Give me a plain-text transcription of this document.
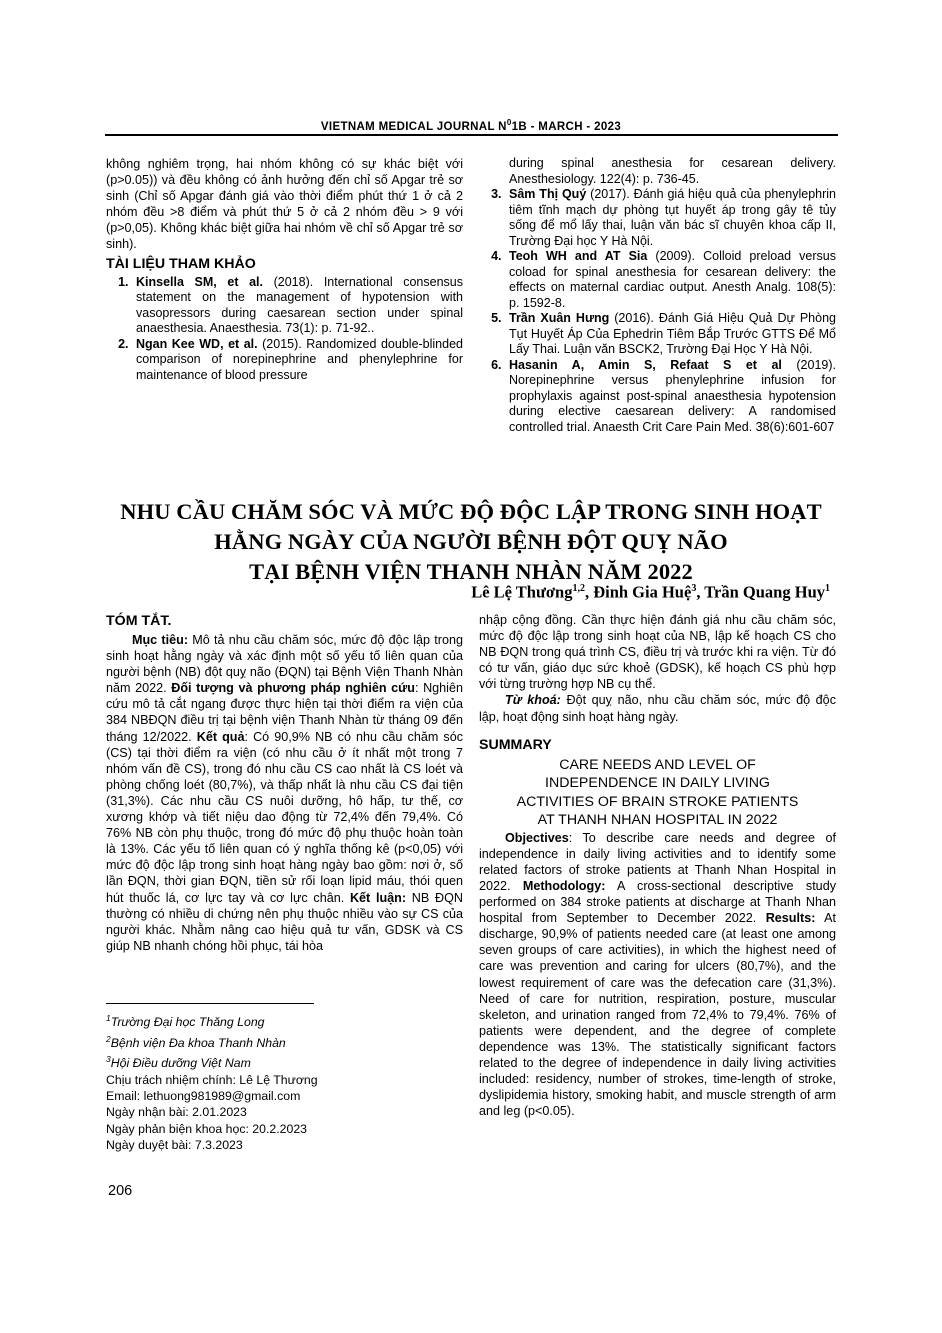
VIETNAM MEDICAL JOURNAL $N^01B$ - MARCH - 2023
không nghiêm trọng, hai nhóm không có sự khác biệt với (p>0.05)) và đều không có ảnh hưởng đến chỉ số Apgar trẻ sơ sinh (Chỉ số Apgar đánh giá vào thời điểm phút thứ 1 ở cả 2 nhóm đều >8 điểm và phút thứ 5 ở cả 2 nhóm đều > 9 với (p>0,05). Không khác biệt giữa hai nhóm về chỉ số Apgar trẻ sơ sinh).
TÀI LIỆU THAM KHẢO
1. Kinsella SM, et al. (2018). International consensus statement on the management of hypotension with vasopressors during caesarean section under spinal anaesthesia. Anaesthesia. 73(1): p. 71-92..
2. Ngan Kee WD, et al. (2015). Randomized double-blinded comparison of norepinephrine and phenylephrine for maintenance of blood pressure
during spinal anesthesia for cesarean delivery. Anesthesiology. 122(4): p. 736-45.
3. Sâm Thị Quý (2017). Đánh giá hiệu quả của phenylephrin tiêm tĩnh mạch dự phòng tụt huyết áp trong gây tê tủy sống để mổ lấy thai, luận văn bác sĩ chuyên khoa cấp II, Trường Đại học Y Hà Nội.
4. Teoh WH and AT Sia (2009). Colloid preload versus coload for spinal anesthesia for cesarean delivery: the effects on maternal cardiac output. Anesth Analg. 108(5): p. 1592-8.
5. Trần Xuân Hưng (2016). Đánh Giá Hiệu Quả Dự Phòng Tụt Huyết Áp Của Ephedrin Tiêm Bắp Trước GTTS Để Mổ Lấy Thai. Luận văn BSCK2, Trường Đại Học Y Hà Nội.
6. Hasanin A, Amin S, Refaat S et al (2019). Norepinephrine versus phenylephrine infusion for prophylaxis against post-spinal anaesthesia hypotension during elective caesarean delivery: A randomised controlled trial. Anaesth Crit Care Pain Med. 38(6):601-607
NHU CẦU CHĂM SÓC VÀ MỨC ĐỘ ĐỘC LẬP TRONG SINH HOẠT
HẰNG NGÀY CỦA NGƯỜI BỆNH ĐỘT QUỴ NÃO
TẠI BỆNH VIỆN THANH NHÀN NĂM 2022
Lê Lệ Thương$^{1,2}$, Đinh Gia Huệ$^3$, Trần Quang Huy$^1$
TÓM TẮT.
Mục tiêu: Mô tả nhu cầu chăm sóc, mức độ độc lập trong sinh hoạt hằng ngày và xác định một số yếu tố liên quan của người bệnh (NB) đột quỵ não (ĐQN) tại Bệnh Viện Thanh Nhàn năm 2022. Đối tượng và phương pháp nghiên cứu: Nghiên cứu mô tả cắt ngang được thực hiện tại thời điểm ra viện của 384 NBĐQN điều trị tại bệnh viện Thanh Nhàn từ tháng 09 đến tháng 12/2022. Kết quả: Có 90,9% NB có nhu cầu chăm sóc (CS) tại thời điểm ra viện (có nhu cầu ở ít nhất một trong 7 nhóm vấn đề CS), trong đó nhu cầu CS cao nhất là CS loét và phòng chống loét (80,7%), và thấp nhất là nhu cầu CS đại tiện (31,3%). Các nhu cầu CS nuôi dưỡng, hô hấp, tư thế, cơ xương khớp và tiết niệu dao động từ 72,4% đến 79,4%. Có 76% NB còn phụ thuộc, trong đó mức độ phụ thuộc hoàn toàn là 13%. Các yếu tố liên quan có ý nghĩa thống kê (p<0,05) với mức độ độc lập trong sinh hoạt hàng ngày bao gồm: nơi ở, số lần ĐQN, thời gian ĐQN, tiền sử rối loạn lipid máu, thói quen hút thuốc lá, cơ lực tay và cơ lực chân. Kết luận: NB ĐQN thường có nhiều di chứng nên phụ thuộc nhiều vào sự CS của người khác. Nhằm nâng cao hiệu quả tư vấn, GDSK và CS giúp NB nhanh chóng hồi phục, tái hòa
nhập cộng đồng. Cần thực hiện đánh giá nhu cầu chăm sóc, mức độ độc lập trong sinh hoạt của NB, lập kế hoạch CS cho NB ĐQN trong quá trình CS, điều trị và trước khi ra viện. Từ đó có tư vấn, giáo dục sức khoẻ (GDSK), kế hoạch CS phù hợp với từng trường hợp NB cụ thể.
Từ khoá: Đột quỵ não, nhu cầu chăm sóc, mức độ độc lập, hoạt động sinh hoạt hàng ngày.
SUMMARY
CARE NEEDS AND LEVEL OF
INDEPENDENCE IN DAILY LIVING
ACTIVITIES OF BRAIN STROKE PATIENTS
AT THANH NHAN HOSPITAL IN 2022
Objectives: To describe care needs and degree of independence in daily living activities and to identify some related factors of stroke patients at Thanh Nhan Hospital in 2022. Methodology: A cross-sectional descriptive study performed on 384 stroke patients at discharge at Thanh Nhan hospital from September to December 2022. Results: At discharge, 90,9% of patients needed care (at least one among seven groups of care activities), in which the highest need of care was prevention and caring for ulcers (80,7%), and the lowest requirement of care was the defecation care (31,3%). Need of care for nutrition, respiration, posture, muscular skeleton, and urination ranged from 72,4% to 79,4%. 76% of patients were dependent, and the degree of complete dependence was 13%. The statistically significant factors related to the degree of independence in daily living activities included: residency, number of strokes, time-length of stroke, dyslipidemia history, smoking habit, and muscle strength of arm and leg (p<0.05).
$^1$Trường Đại học Thăng Long
$^2$Bệnh viện Đa khoa Thanh Nhàn
$^3$Hội Điều dưỡng Việt Nam
Chịu trách nhiệm chính: Lê Lệ Thương
Email: lethuong981989@gmail.com
Ngày nhận bài: 2.01.2023
Ngày phản biện khoa học: 20.2.2023
Ngày duyệt bài: 7.3.2023
206
